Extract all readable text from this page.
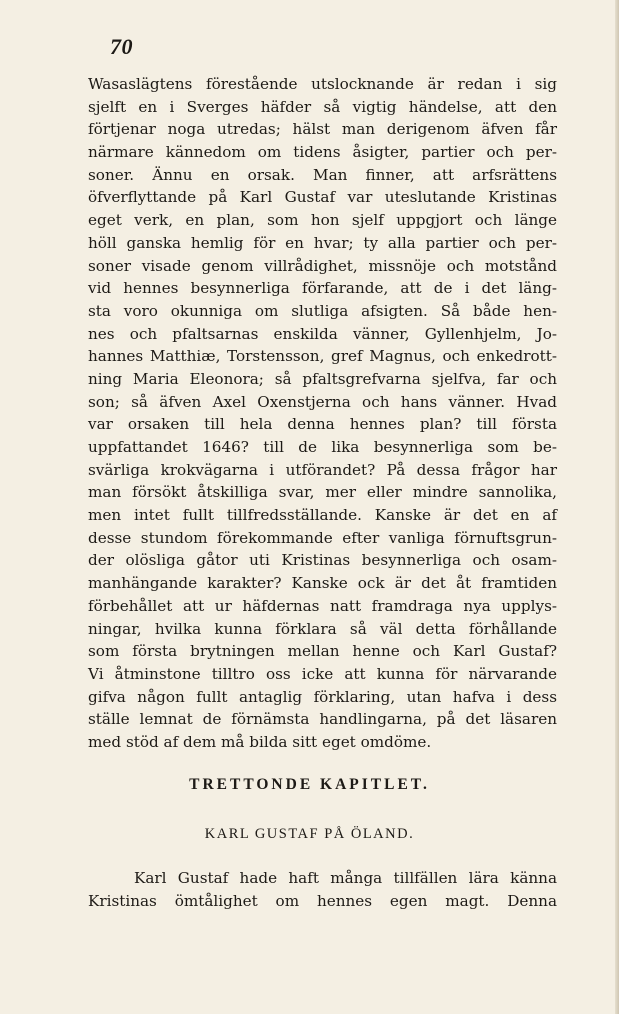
70
Wasaslägtens förestående utslocknande är redan i sig
sjelft en i Sverges häfder så vigtig händelse, att den
förtjenar noga utredas; hälst man derigenom äfven får
närmare kännedom om tidens åsigter, partier och per-
soner. Ännu en orsak. Man finner, att arfsrättens
öfverflyttande på Karl Gustaf var uteslutande Kristinas
eget verk, en plan, som hon sjelf uppgjort och länge
höll ganska hemlig för en hvar; ty alla partier och per-
soner visade genom villrådighet, missnöje och motstånd
vid hennes besynnerliga förfarande, att de i det läng-
sta voro okunniga om slutliga afsigten. Så både hen-
nes och pfaltsarnas enskilda vänner, Gyllenhjelm, Jo-
hannes Matthiæ, Torstensson, gref Magnus, och enkedrott-
ning Maria Eleonora; så pfaltsgrefvarna sjelfva, far och
son; så äfven Axel Oxenstjerna och hans vänner. Hvad
var orsaken till hela denna hennes plan? till första
uppfattandet 1646? till de lika besynnerliga som be-
svärliga krokvägarna i utförandet? På dessa frågor har
man försökt åtskilliga svar, mer eller mindre sannolika,
men intet fullt tillfredsställande. Kanske är det en af
desse stundom förekommande efter vanliga förnuftsgrun-
der olösliga gåtor uti Kristinas besynnerliga och osam-
manhängande karakter? Kanske ock är det åt framtiden
förbehållet att ur häfdernas natt framdraga nya upplys-
ningar, hvilka kunna förklara så väl detta förhållande
som första brytningen mellan henne och Karl Gustaf?
Vi åtminstone tilltro oss icke att kunna för närvarande
gifva någon fullt antaglig förklaring, utan hafva i dess
ställe lemnat de förnämsta handlingarna, på det läsaren
med stöd af dem må bilda sitt eget omdöme.
TRETTONDE KAPITLET.
KARL GUSTAF PÅ ÖLAND.
Karl Gustaf hade haft många tillfällen lära känna
Kristinas ömtålighet om hennes egen magt. Denna
